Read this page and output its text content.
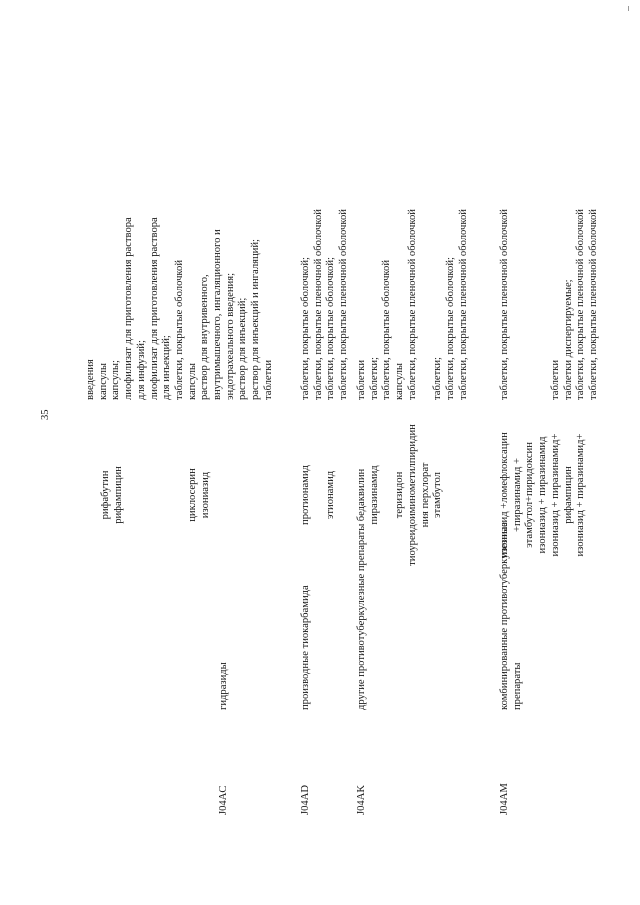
35
рифабутин рифампицин
введения капсулы капсулы; лиофилизат для приготовления раствора для инфузий; лиофилизат для приготовления раствора для инъекций; таблетки, покрытые оболочкой
J04AC
гидразиды
циклосерин изониазид
капсулы раствор для внутривенного, внутримышечного, ингаляционного и эндотрахеального введения; раствор для инъекций; раствор для инъекций и ингаляций; таблетки
J04AD
производные тиокарбамида
протионамид этионамид
таблетки, покрытые оболочкой; таблетки, покрытые пленочной оболочкой таблетки, покрытые оболочкой; таблетки, покрытые пленочной оболочкой
J04AK
другие противотуберкулезные препараты
бедаквилин пиразинамид теризидон тиоуреидоиминометилпиридин ния перхлорат этамбутол
таблетки таблетки; таблетки, покрытые оболочкой капсулы таблетки, покрытые пленочной оболочкой таблетки; таблетки, покрытые оболочкой; таблетки, покрытые пленочной оболочкой
J04AM
комбинированные противотуберкулезные препараты
изониазид +ломефлоксацин +пиразинамид + этамбутол+пиридоксин изониазид + пиразинамид изониазид + пиразинамид+ рифампицин изониазид + пиразинамид+
таблетки, покрытые пленочной оболочкой	таблетки таблетки диспергируемые; таблетки, покрытые пленочной оболочкой таблетки, покрытые пленочной оболочкой
